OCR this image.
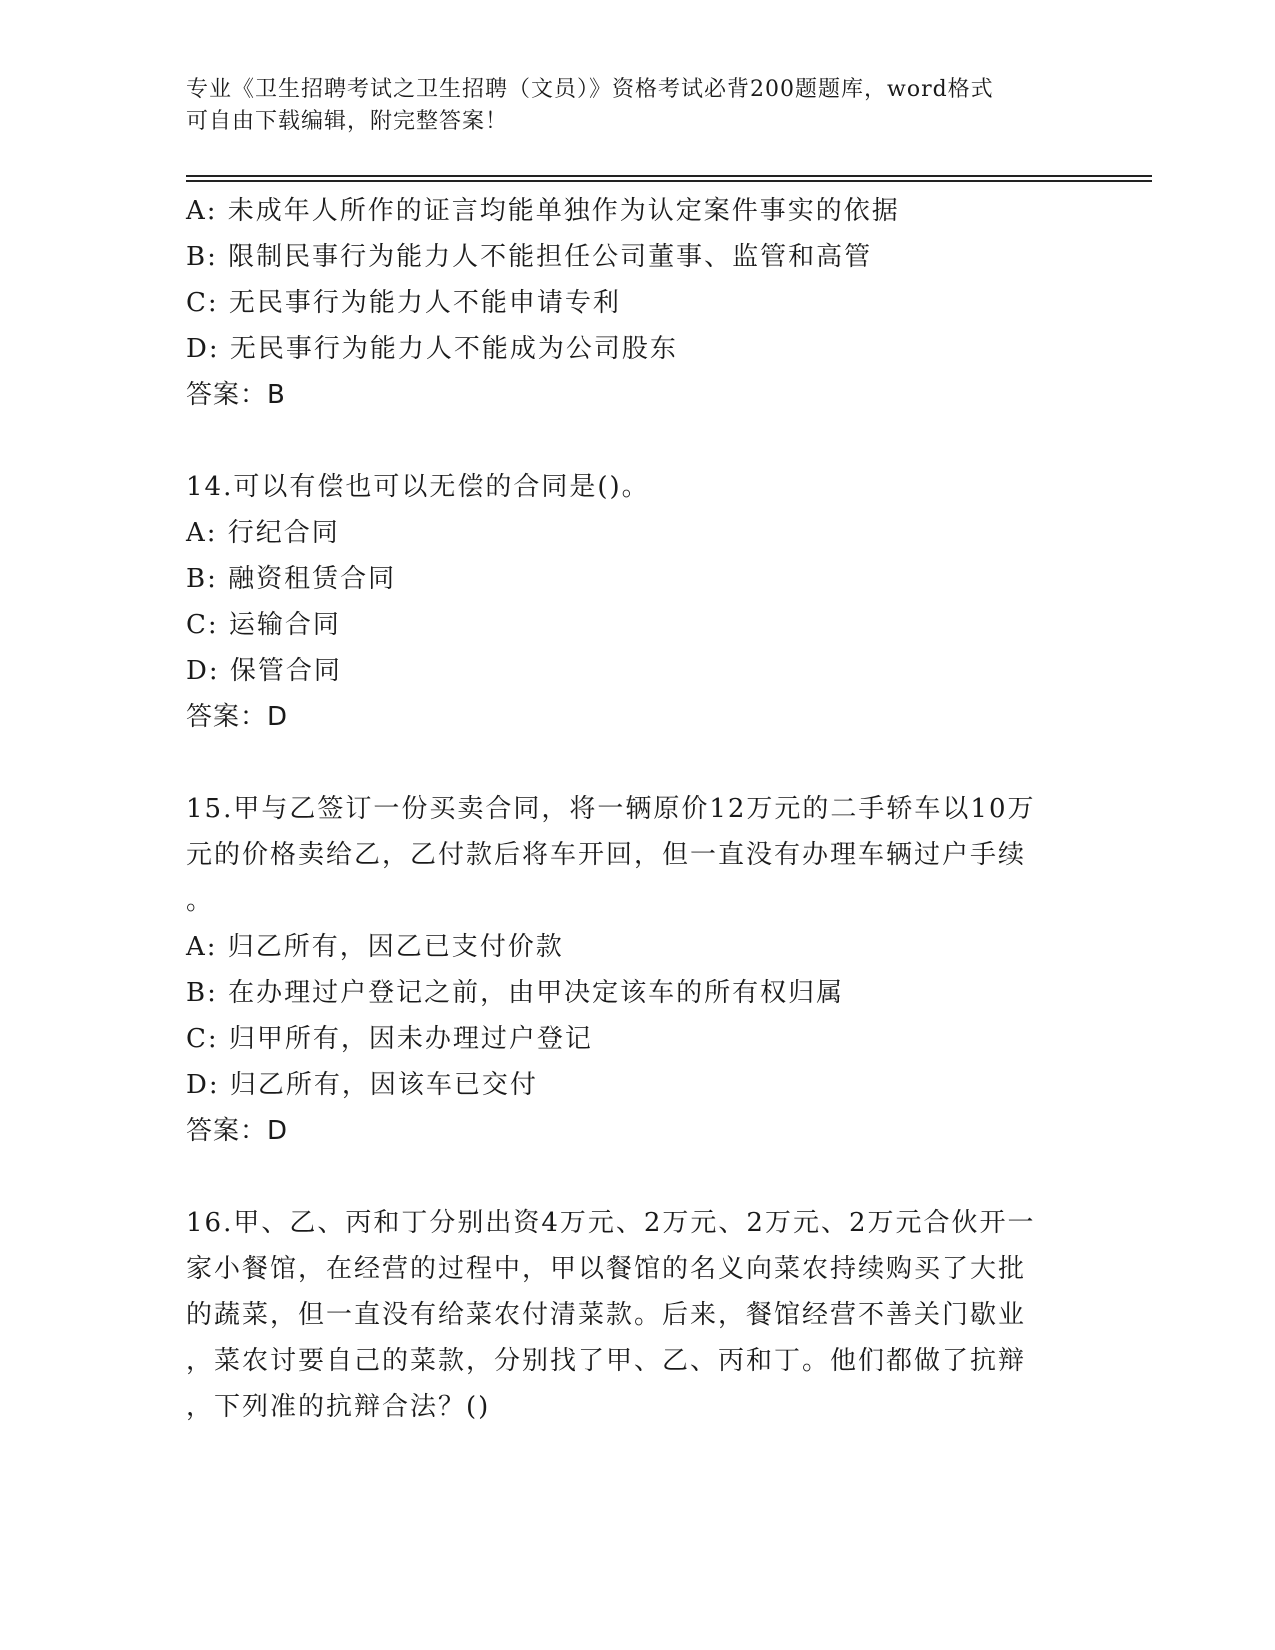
专业《卫生招聘考试之卫生招聘（文员）》资格考试必背200题题库，word格式
可自由下载编辑，附完整答案！
A: 未成年人所作的证言均能单独作为认定案件事实的依据
B: 限制民事行为能力人不能担任公司董事、监管和高管
C: 无民事行为能力人不能申请专利
D: 无民事行为能力人不能成为公司股东
答案：B
14.可以有偿也可以无偿的合同是()。
A: 行纪合同
B: 融资租赁合同
C: 运输合同
D: 保管合同
答案：D
15.甲与乙签订一份买卖合同，将一辆原价12万元的二手轿车以10万
元的价格卖给乙，乙付款后将车开回，但一直没有办理车辆过户手续
。
A: 归乙所有，因乙已支付价款
B: 在办理过户登记之前，由甲决定该车的所有权归属
C: 归甲所有，因未办理过户登记
D: 归乙所有，因该车已交付
答案：D
16.甲、乙、丙和丁分别出资4万元、2万元、2万元、2万元合伙开一
家小餐馆，在经营的过程中，甲以餐馆的名义向菜农持续购买了大批
的蔬菜，但一直没有给菜农付清菜款。后来，餐馆经营不善关门歇业
，菜农讨要自己的菜款，分别找了甲、乙、丙和丁。他们都做了抗辩
，下列准的抗辩合法？()
